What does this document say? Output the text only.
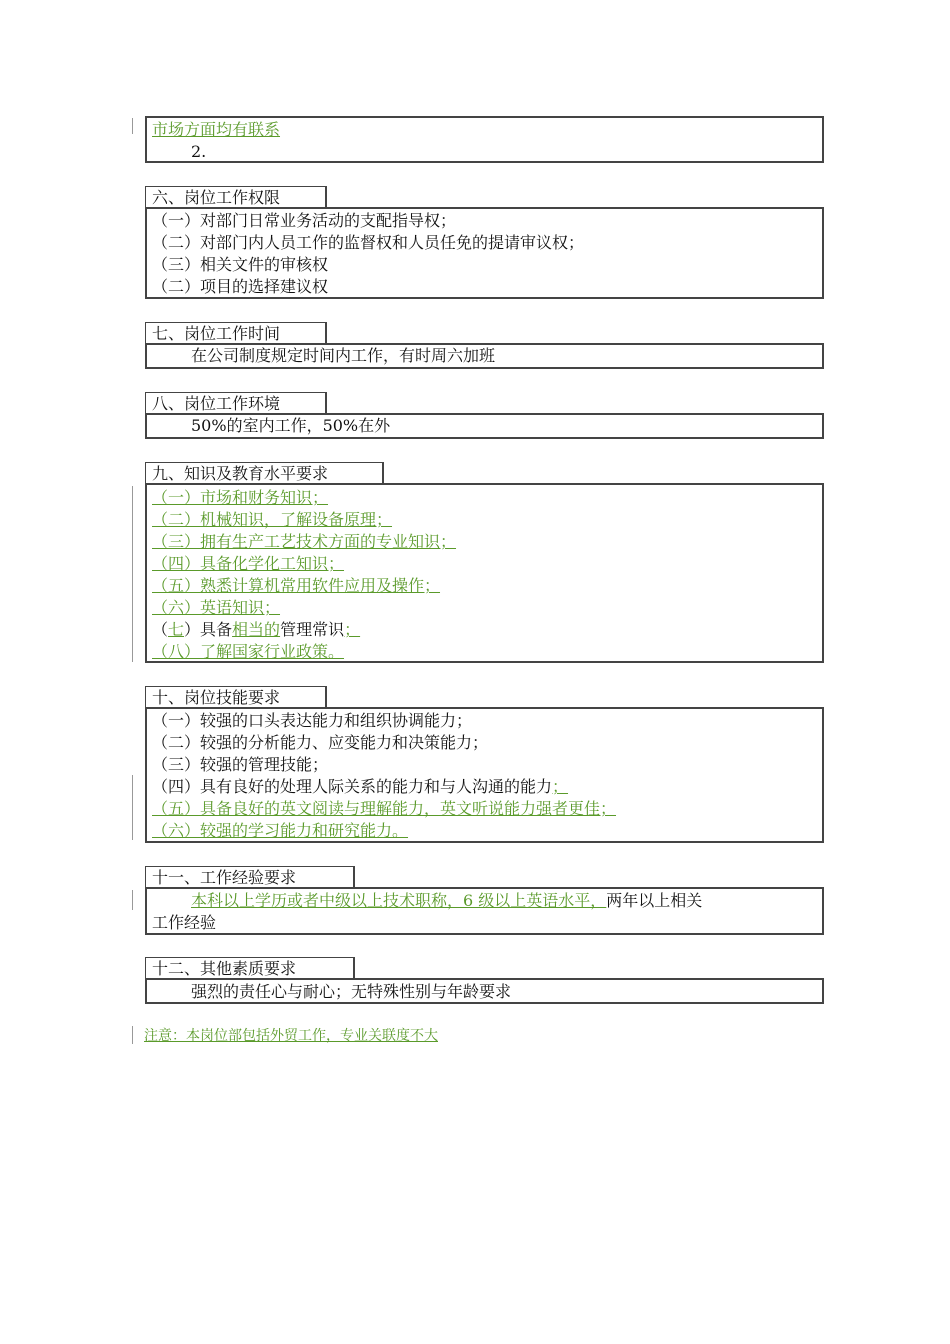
市场方面均有联系
2.
六、岗位工作权限
（一）对部门日常业务活动的支配指导权；
（二）对部门内人员工作的监督权和人员任免的提请审议权；
（三）相关文件的审核权
（二）项目的选择建议权
七、岗位工作时间
在公司制度规定时间内工作，有时周六加班
八、岗位工作环境
50%的室内工作，50%在外
九、知识及教育水平要求
（一）市场和财务知识；
（二）机械知识，了解设备原理；
（三）拥有生产工艺技术方面的专业知识；
（四）具备化学化工知识；
（五）熟悉计算机常用软件应用及操作；
（六）英语知识；
（七）具备相当的管理常识；
（八）了解国家行业政策。
十、岗位技能要求
（一）较强的口头表达能力和组织协调能力；
（二）较强的分析能力、应变能力和决策能力；
（三）较强的管理技能；
（四）具有良好的处理人际关系的能力和与人沟通的能力；
（五）具备良好的英文阅读与理解能力，英文听说能力强者更佳；
（六）较强的学习能力和研究能力。
十一、工作经验要求
本科以上学历或者中级以上技术职称，6 级以上英语水平，两年以上相关
工作经验
十二、其他素质要求
强烈的责任心与耐心；无特殊性别与年龄要求
注意：本岗位部包括外贸工作，专业关联度不大
